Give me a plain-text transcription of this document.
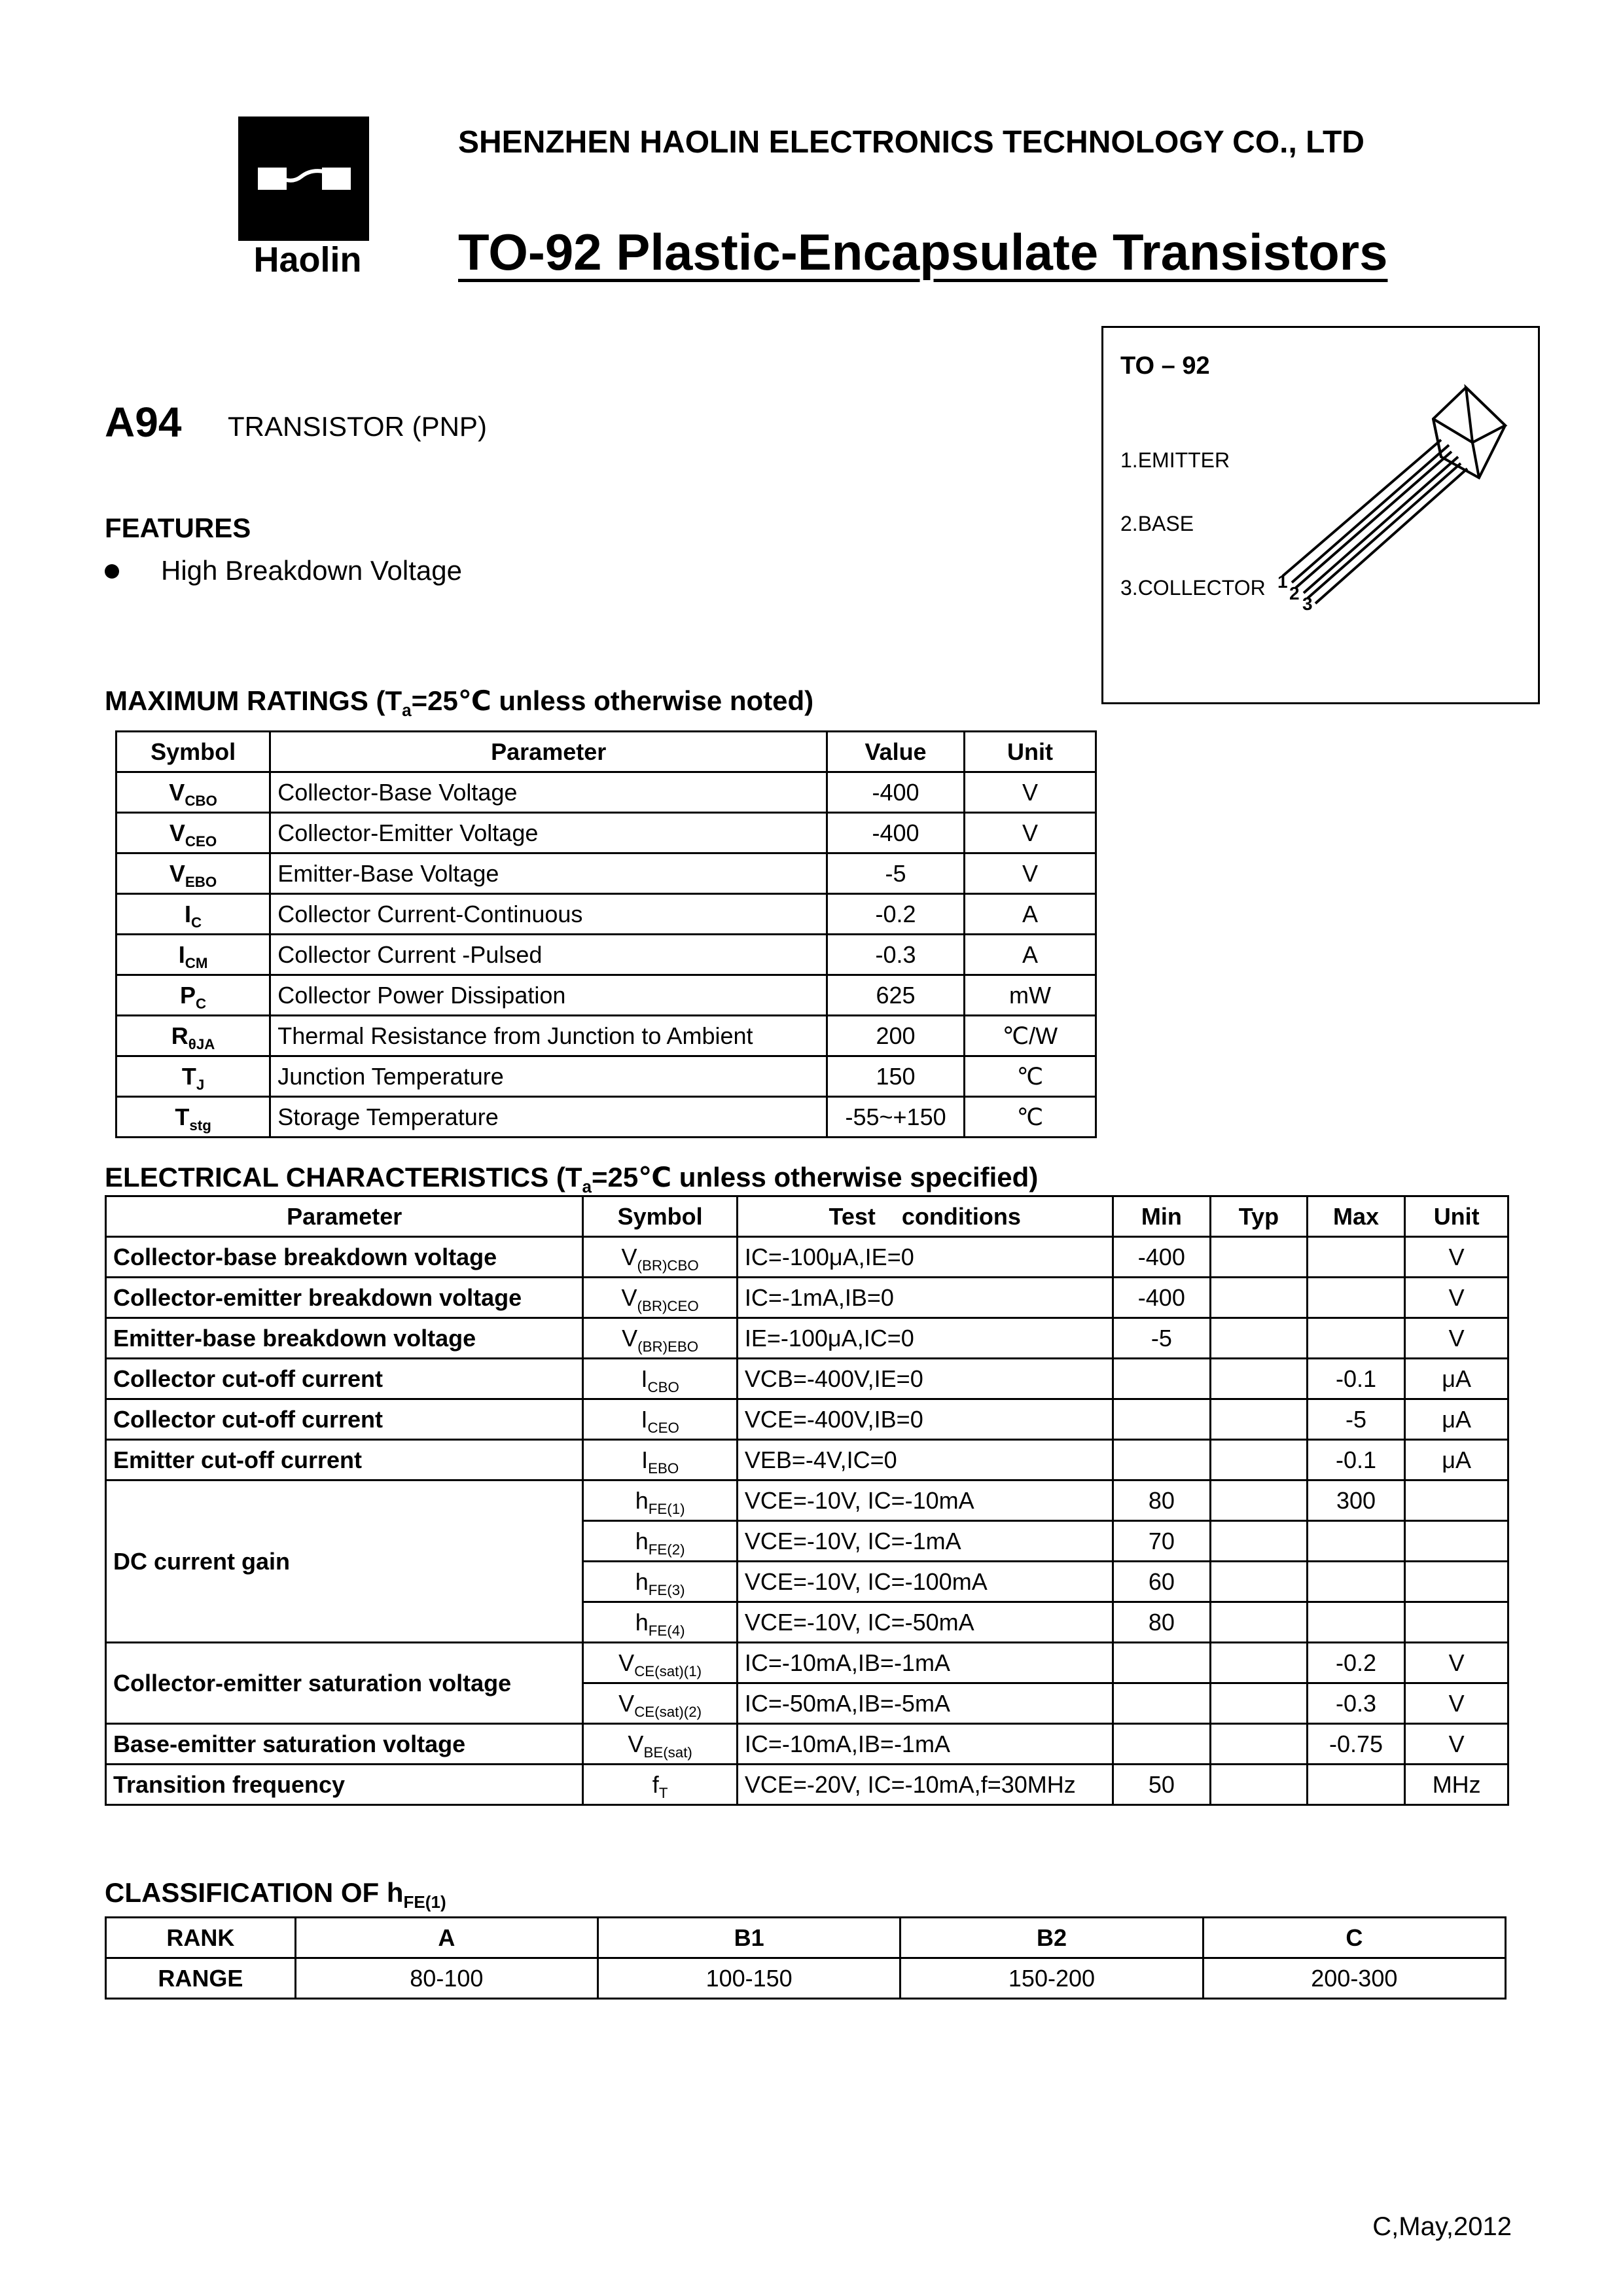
Haolin
SHENZHEN HAOLIN ELECTRONICS TECHNOLOGY CO., LTD
TO-92 Plastic-Encapsulate Transistors
A94 TRANSISTOR (PNP)
FEATURES
High Breakdown Voltage
TO – 92
1.EMITTER
2.BASE
3.COLLECTOR 1
2
3
MAXIMUM RATINGS ($T_a=25℃$ unless otherwise noted)
Symbol	Parameter	Value	Unit
$V_{CBO}$	Collector-Base Voltage	-400	V
$V_{CEO}$	Collector-Emitter Voltage	-400	V
$V_{EBO}$	Emitter-Base Voltage	-5	V
$I_C$	Collector Current-Continuous	-0.2	A
$I_{CM}$	Collector Current -Pulsed	-0.3	A
$P_C$	Collector Power Dissipation	625	mW
$R_{\theta JA}$	Thermal Resistance from Junction to Ambient	200	℃/W
$T_J$	Junction Temperature	150	℃
$T_{stg}$	Storage Temperature	-55~+150	℃
ELECTRICAL CHARACTERISTICS ($T_a=25℃$ unless otherwise specified)
Parameter	Symbol	Test    conditions	Min	Typ	Max	Unit
Collector-base breakdown voltage	$V_{(BR)CBO}$	IC=-100μA,IE=0	-400			V
Collector-emitter breakdown voltage	$V_{(BR)CEO}$	IC=-1mA,IB=0	-400			V
Emitter-base breakdown voltage	$V_{(BR)EBO}$	IE=-100μA,IC=0	-5			V
Collector cut-off current	$I_{CBO}$	VCB=-400V,IE=0			-0.1	μA
Collector cut-off current	$I_{CEO}$	VCE=-400V,IB=0			-5	μA
Emitter cut-off current	$I_{EBO}$	VEB=-4V,IC=0			-0.1	μA
DC current gain	$h_{FE(1)}$	VCE=-10V, IC=-10mA	80		300	
	$h_{FE(2)}$	VCE=-10V, IC=-1mA	70			
	$h_{FE(3)}$	VCE=-10V, IC=-100mA	60			
	$h_{FE(4)}$	VCE=-10V, IC=-50mA	80			
Collector-emitter saturation voltage	$V_{CE(sat)(1)}$	IC=-10mA,IB=-1mA			-0.2	V
	$V_{CE(sat)(2)}$	IC=-50mA,IB=-5mA			-0.3	V
Base-emitter saturation voltage	$V_{BE(sat)}$	IC=-10mA,IB=-1mA			-0.75	V
Transition frequency	$f_T$	VCE=-20V, IC=-10mA,f=30MHz	50			MHz
CLASSIFICATION OF $h_{FE(1)}$
RANK	A	B1	B2	C
RANGE	80-100	100-150	150-200	200-300
C,May,2012
